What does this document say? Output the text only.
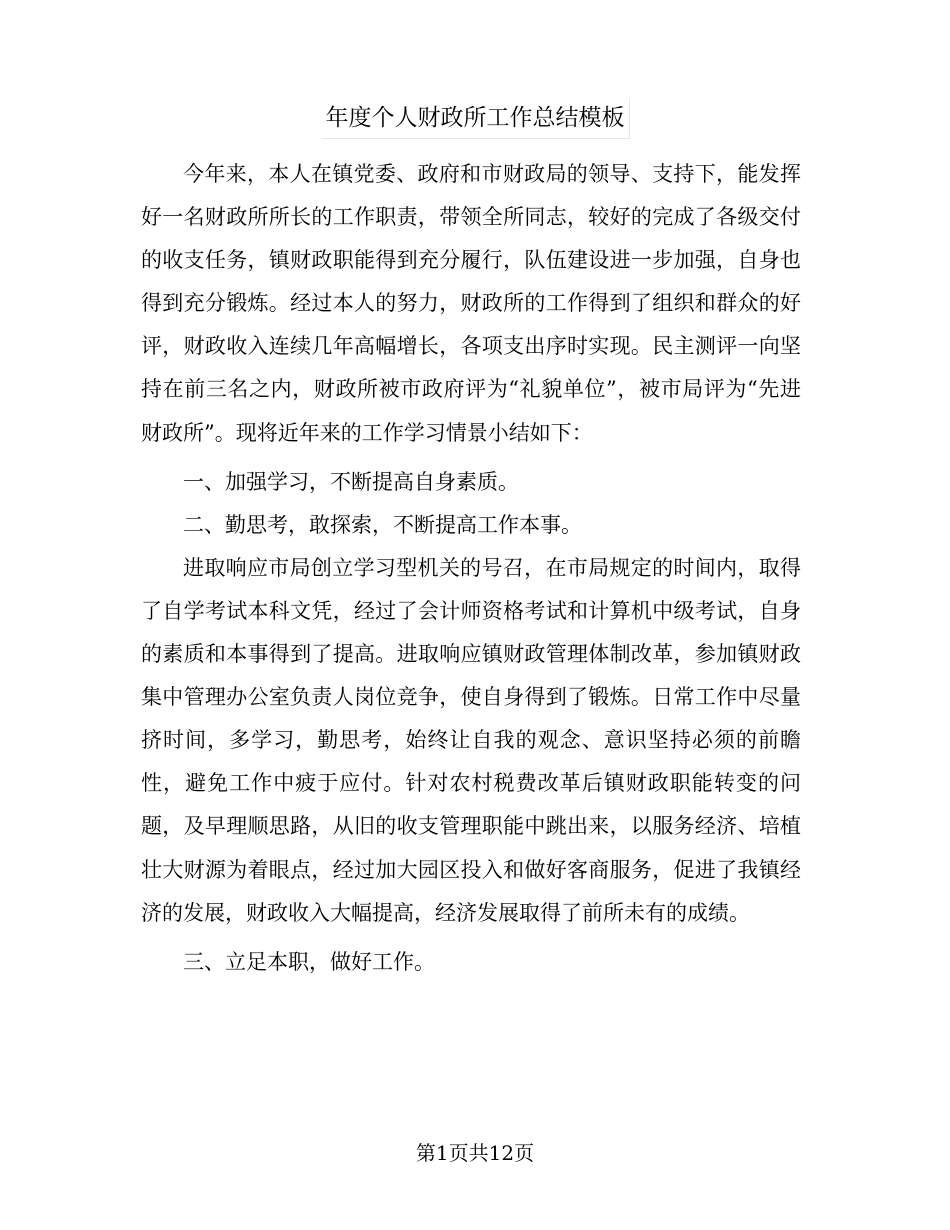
年度个人财政所工作总结模板

今年来，本人在镇党委、政府和市财政局的领导、支持下，能发挥好一名财政所所长的工作职责，带领全所同志，较好的完成了各级交付的收支任务，镇财政职能得到充分履行，队伍建设进一步加强，自身也得到充分锻炼。经过本人的努力，财政所的工作得到了组织和群众的好评，财政收入连续几年高幅增长，各项支出序时实现。民主测评一向坚持在前三名之内，财政所被市政府评为“礼貌单位”，被市局评为“先进财政所”。现将近年来的工作学习情景小结如下：

一、加强学习，不断提高自身素质。

二、勤思考，敢探索，不断提高工作本事。

进取响应市局创立学习型机关的号召，在市局规定的时间内，取得了自学考试本科文凭，经过了会计师资格考试和计算机中级考试，自身的素质和本事得到了提高。进取响应镇财政管理体制改革，参加镇财政集中管理办公室负责人岗位竞争，使自身得到了锻炼。日常工作中尽量挤时间，多学习，勤思考，始终让自我的观念、意识坚持必须的前瞻性，避免工作中疲于应付。针对农村税费改革后镇财政职能转变的问题，及早理顺思路，从旧的收支管理职能中跳出来，以服务经济、培植壮大财源为着眼点，经过加大园区投入和做好客商服务，促进了我镇经济的发展，财政收入大幅提高，经济发展取得了前所未有的成绩。

三、立足本职，做好工作。

第1页共12页
